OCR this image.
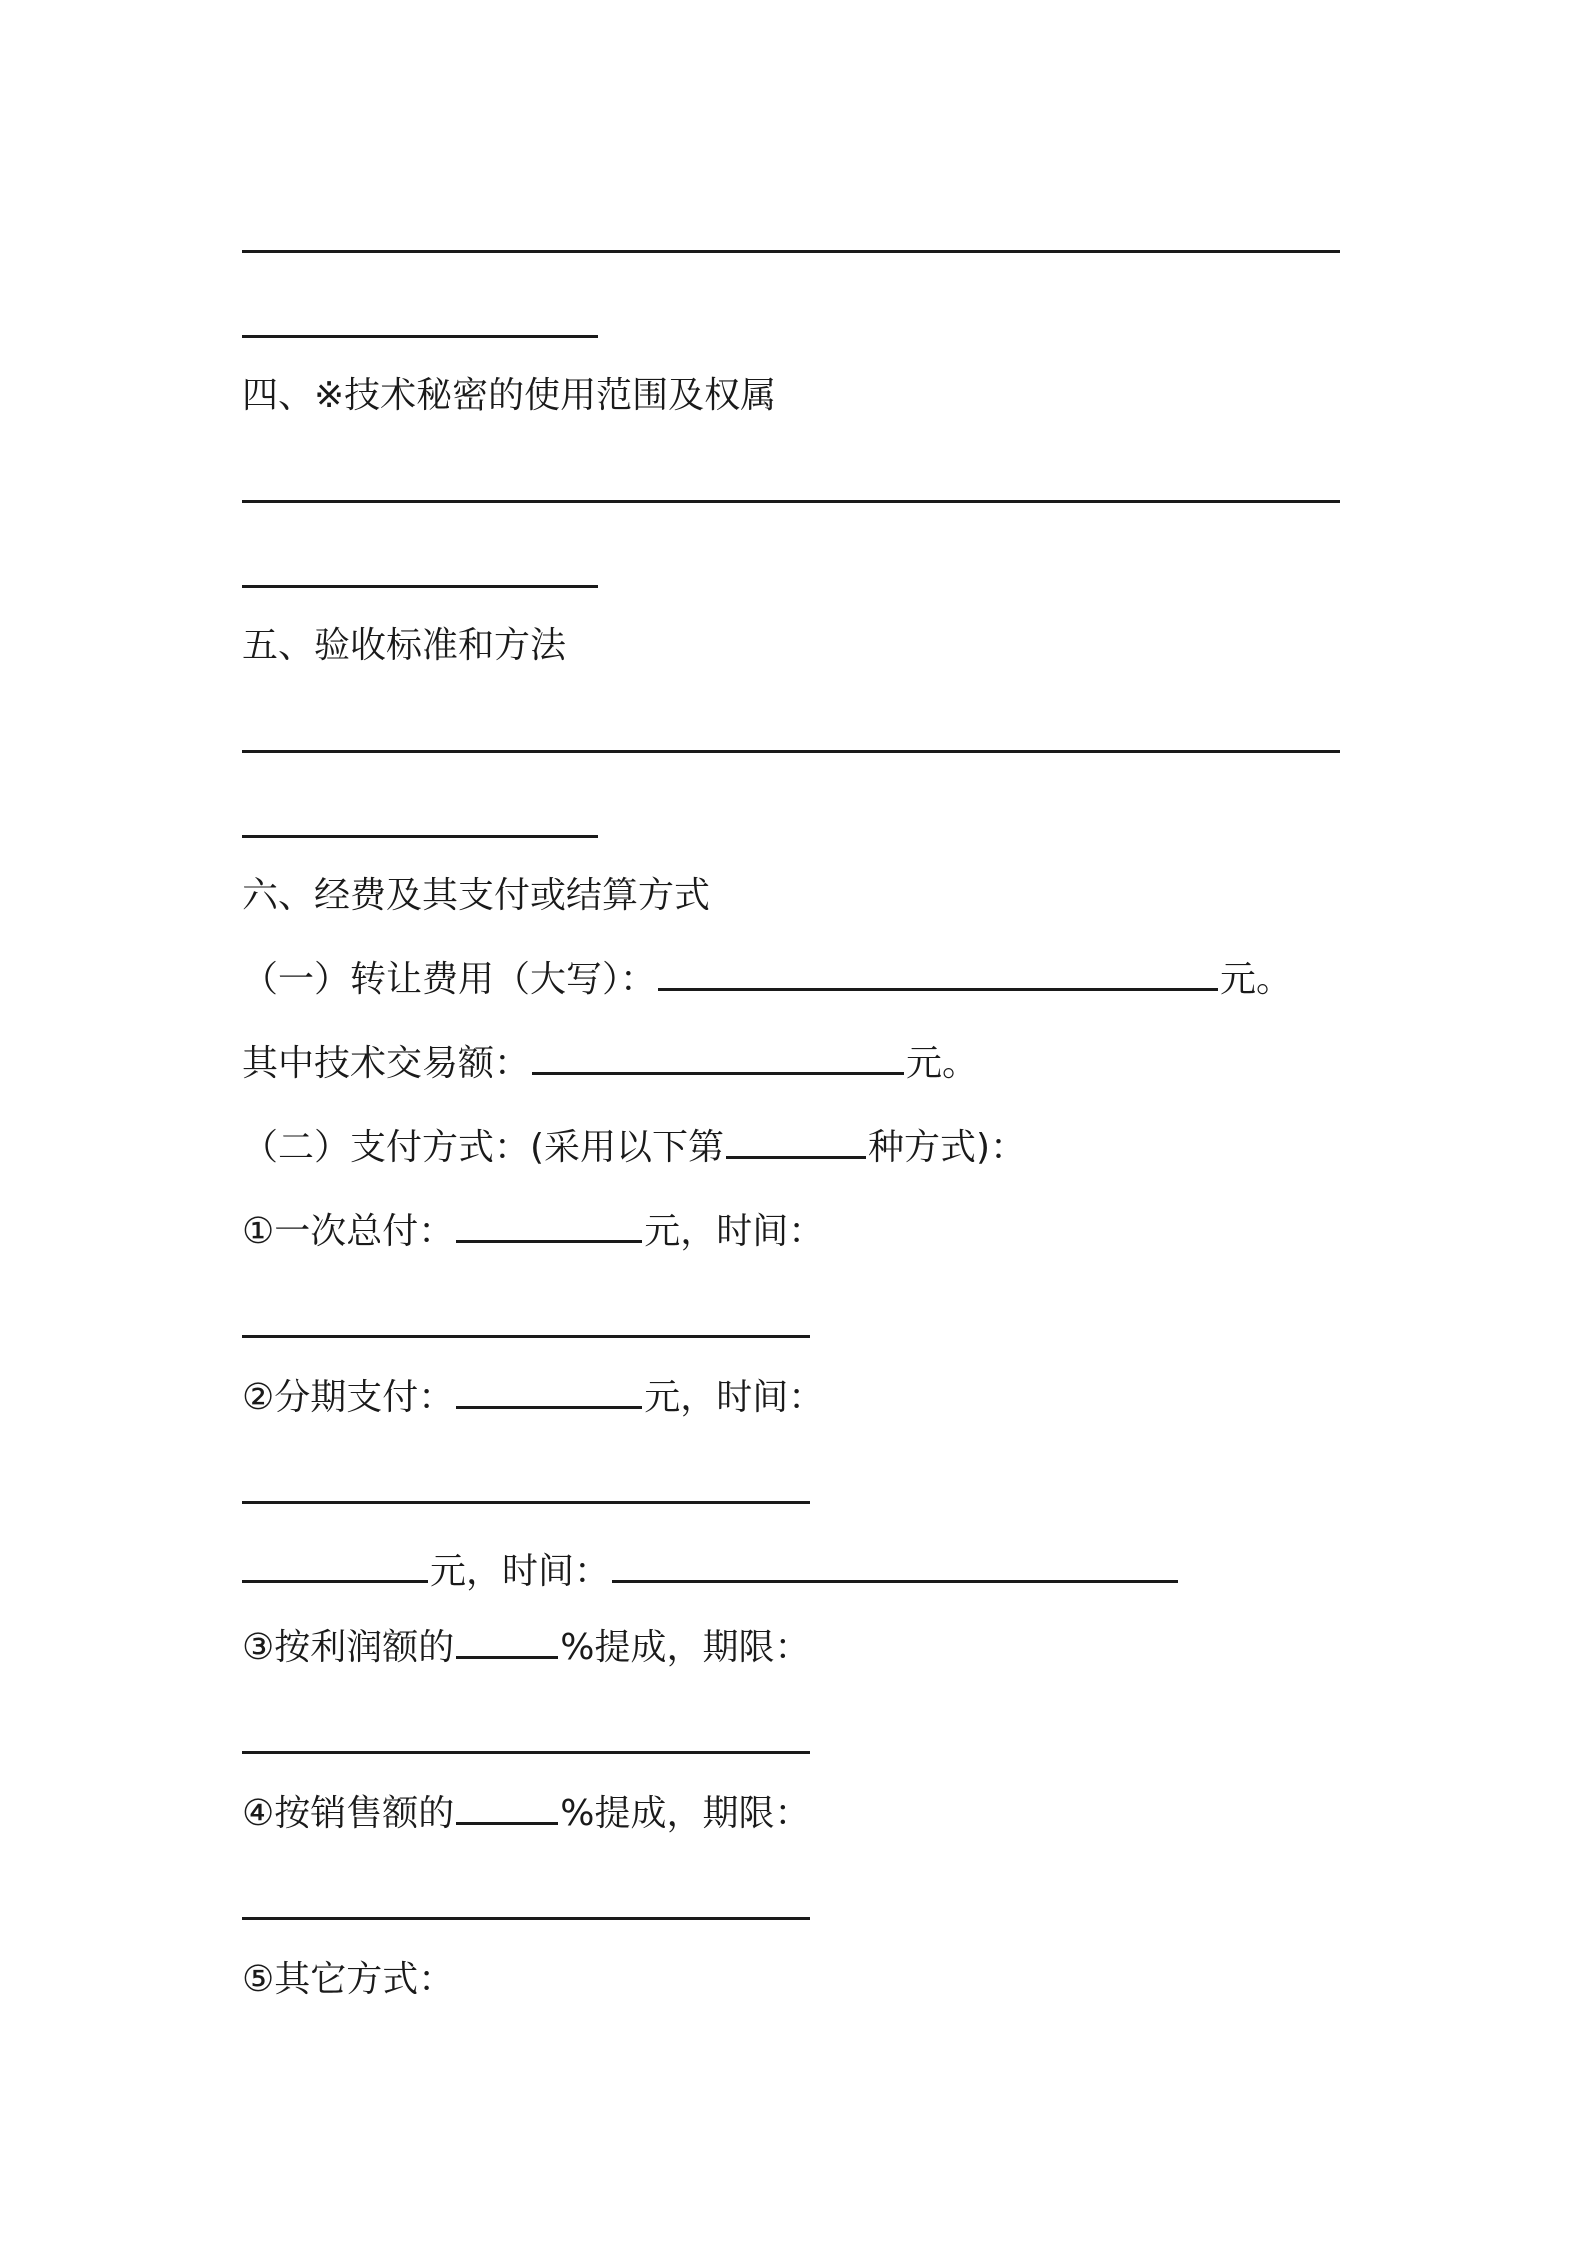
四、※技术秘密的使用范围及权属
五、验收标准和方法
六、经费及其支付或结算方式
（一）转让费用（大写）：	元。
其中技术交易额：	元。
（二）支付方式：(采用以下第	种方式)：
①一次总付：	元，时间：
②分期支付：	元，时间：
元，时间：
③按利润额的	%提成，期限：
④按销售额的	%提成，期限：
⑤其它方式：
